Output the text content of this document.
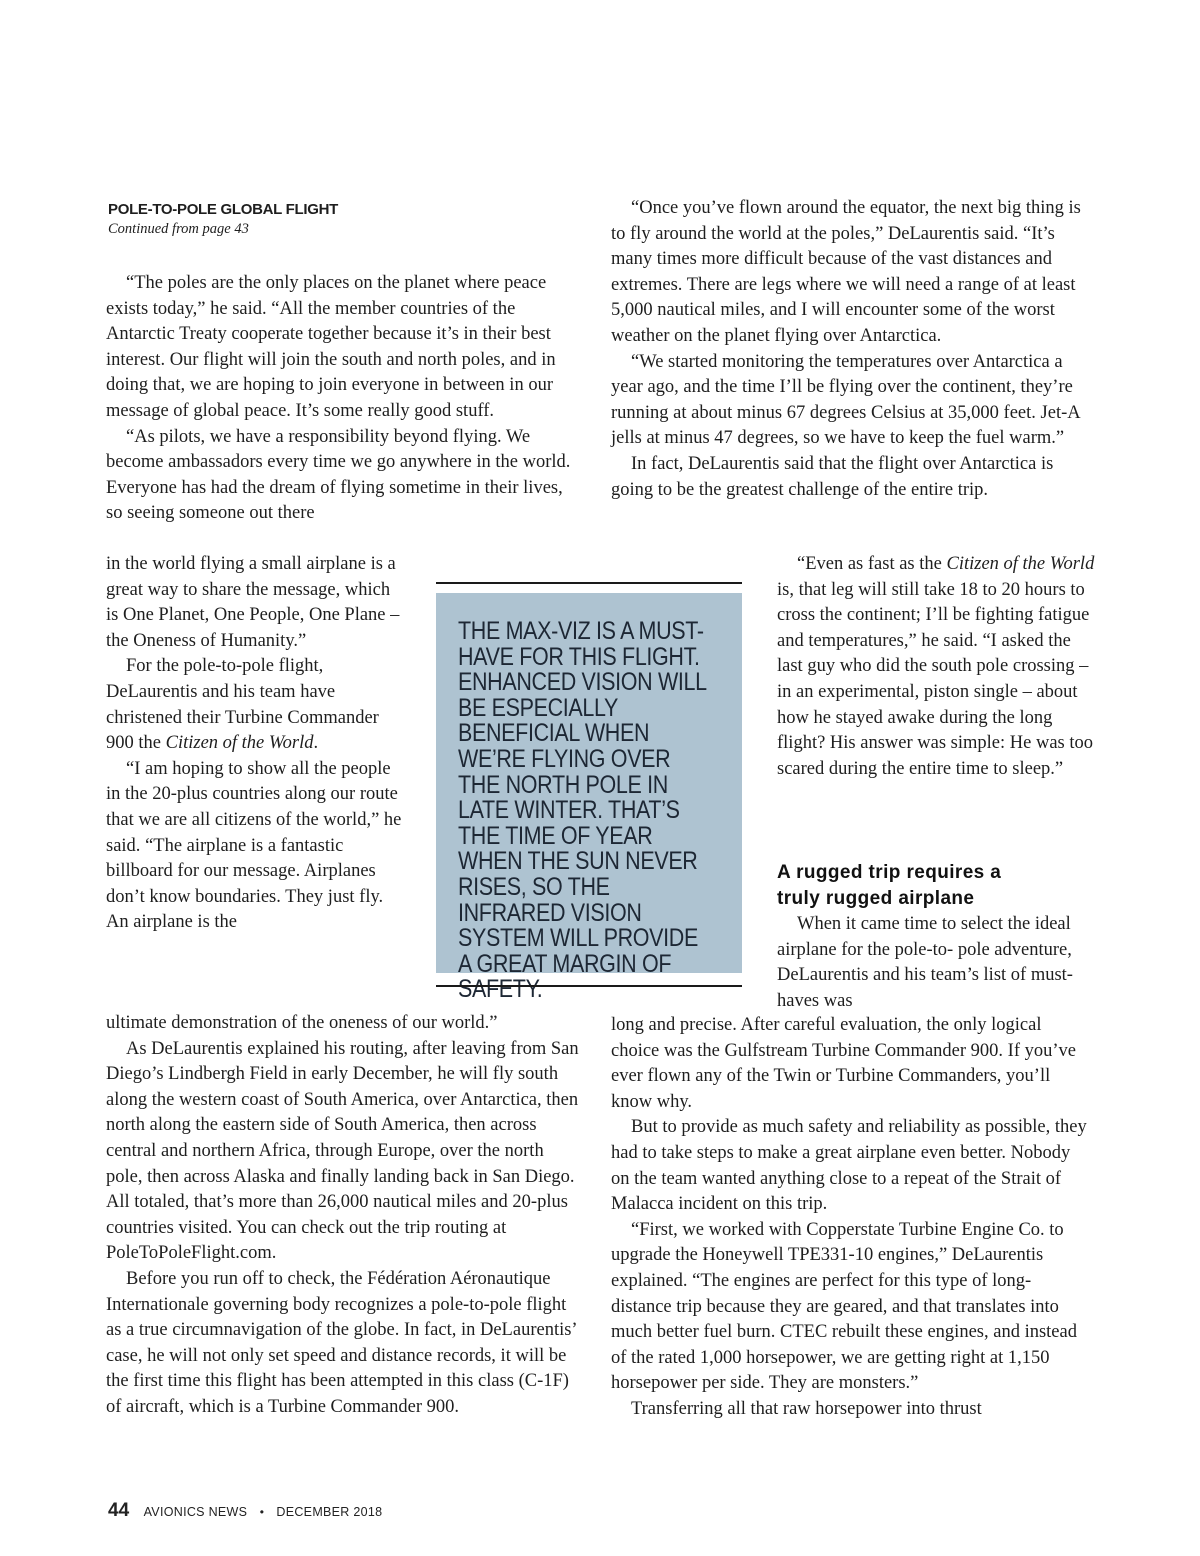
POLE-TO-POLE GLOBAL FLIGHT
Continued from page 43

“The poles are the only places on the planet where peace exists today,” he said. “All the member countries of the Antarctic Treaty cooperate together because it’s in their best interest. Our flight will join the south and north poles, and in doing that, we are hoping to join everyone in between in our message of global peace. It’s some really good stuff.

“As pilots, we have a responsibility beyond flying. We become ambassadors every time we go anywhere in the world. Everyone has had the dream of flying sometime in their lives, so seeing someone out there

in the world flying a small airplane is a great way to share the message, which is One Planet, One People, One Plane – the Oneness of Humanity.”

For the pole-to-pole flight, DeLaurentis and his team have christened their Turbine Commander 900 the Citizen of the World.

“I am hoping to show all the people in the 20-plus countries along our route that we are all citizens of the world,” he said. “The airplane is a fantastic billboard for our message. Airplanes don’t know boundaries. They just fly. An airplane is the

ultimate demonstration of the oneness of our world.”

As DeLaurentis explained his routing, after leaving from San Diego’s Lindbergh Field in early December, he will fly south along the western coast of South America, over Antarctica, then north along the eastern side of South America, then across central and northern Africa, through Europe, over the north pole, then across Alaska and finally landing back in San Diego. All totaled, that’s more than 26,000 nautical miles and 20-plus countries visited. You can check out the trip routing at PoleToPoleFlight.com.

Before you run off to check, the Fédération Aéronautique Internationale governing body recognizes a pole-to-pole flight as a true circumnavigation of the globe. In fact, in DeLaurentis’ case, he will not only set speed and distance records, it will be the first time this flight has been attempted in this class (C-1F) of aircraft, which is a Turbine Commander 900.

THE MAX-VIZ IS A MUST-HAVE FOR THIS FLIGHT. ENHANCED VISION WILL BE ESPECIALLY BENEFICIAL WHEN WE’RE FLYING OVER THE NORTH POLE IN LATE WINTER. THAT’S THE TIME OF YEAR WHEN THE SUN NEVER RISES, SO THE INFRARED VISION SYSTEM WILL PROVIDE A GREAT MARGIN OF SAFETY.

“Once you’ve flown around the equator, the next big thing is to fly around the world at the poles,” DeLaurentis said. “It’s many times more difficult because of the vast distances and extremes. There are legs where we will need a range of at least 5,000 nautical miles, and I will encounter some of the worst weather on the planet flying over Antarctica.

“We started monitoring the temperatures over Antarctica a year ago, and the time I’ll be flying over the continent, they’re running at about minus 67 degrees Celsius at 35,000 feet. Jet-A jells at minus 47 degrees, so we have to keep the fuel warm.”

In fact, DeLaurentis said that the flight over Antarctica is going to be the greatest challenge of the entire trip.

“Even as fast as the Citizen of the World is, that leg will still take 18 to 20 hours to cross the continent; I’ll be fighting fatigue and temperatures,” he said. “I asked the last guy who did the south pole crossing – in an experimental, piston single – about how he stayed awake during the long flight? His answer was simple: He was too scared during the entire time to sleep.”

A rugged trip requires a
truly rugged airplane

When it came time to select the ideal airplane for the pole-to- pole adventure, DeLaurentis and his team’s list of must-haves was

long and precise. After careful evaluation, the only logical choice was the Gulfstream Turbine Commander 900. If you’ve ever flown any of the Twin or Turbine Commanders, you’ll know why.

But to provide as much safety and reliability as possible, they had to take steps to make a great airplane even better. Nobody on the team wanted anything close to a repeat of the Strait of Malacca incident on this trip.

“First, we worked with Copperstate Turbine Engine Co. to upgrade the Honeywell TPE331-10 engines,” DeLaurentis explained. “The engines are perfect for this type of long-distance trip because they are geared, and that translates into much better fuel burn. CTEC rebuilt these engines, and instead of the rated 1,000 horsepower, we are getting right at 1,150 horsepower per side. They are monsters.”

Transferring all that raw horsepower into thrust

44 AVIONICS NEWS • DECEMBER 2018
